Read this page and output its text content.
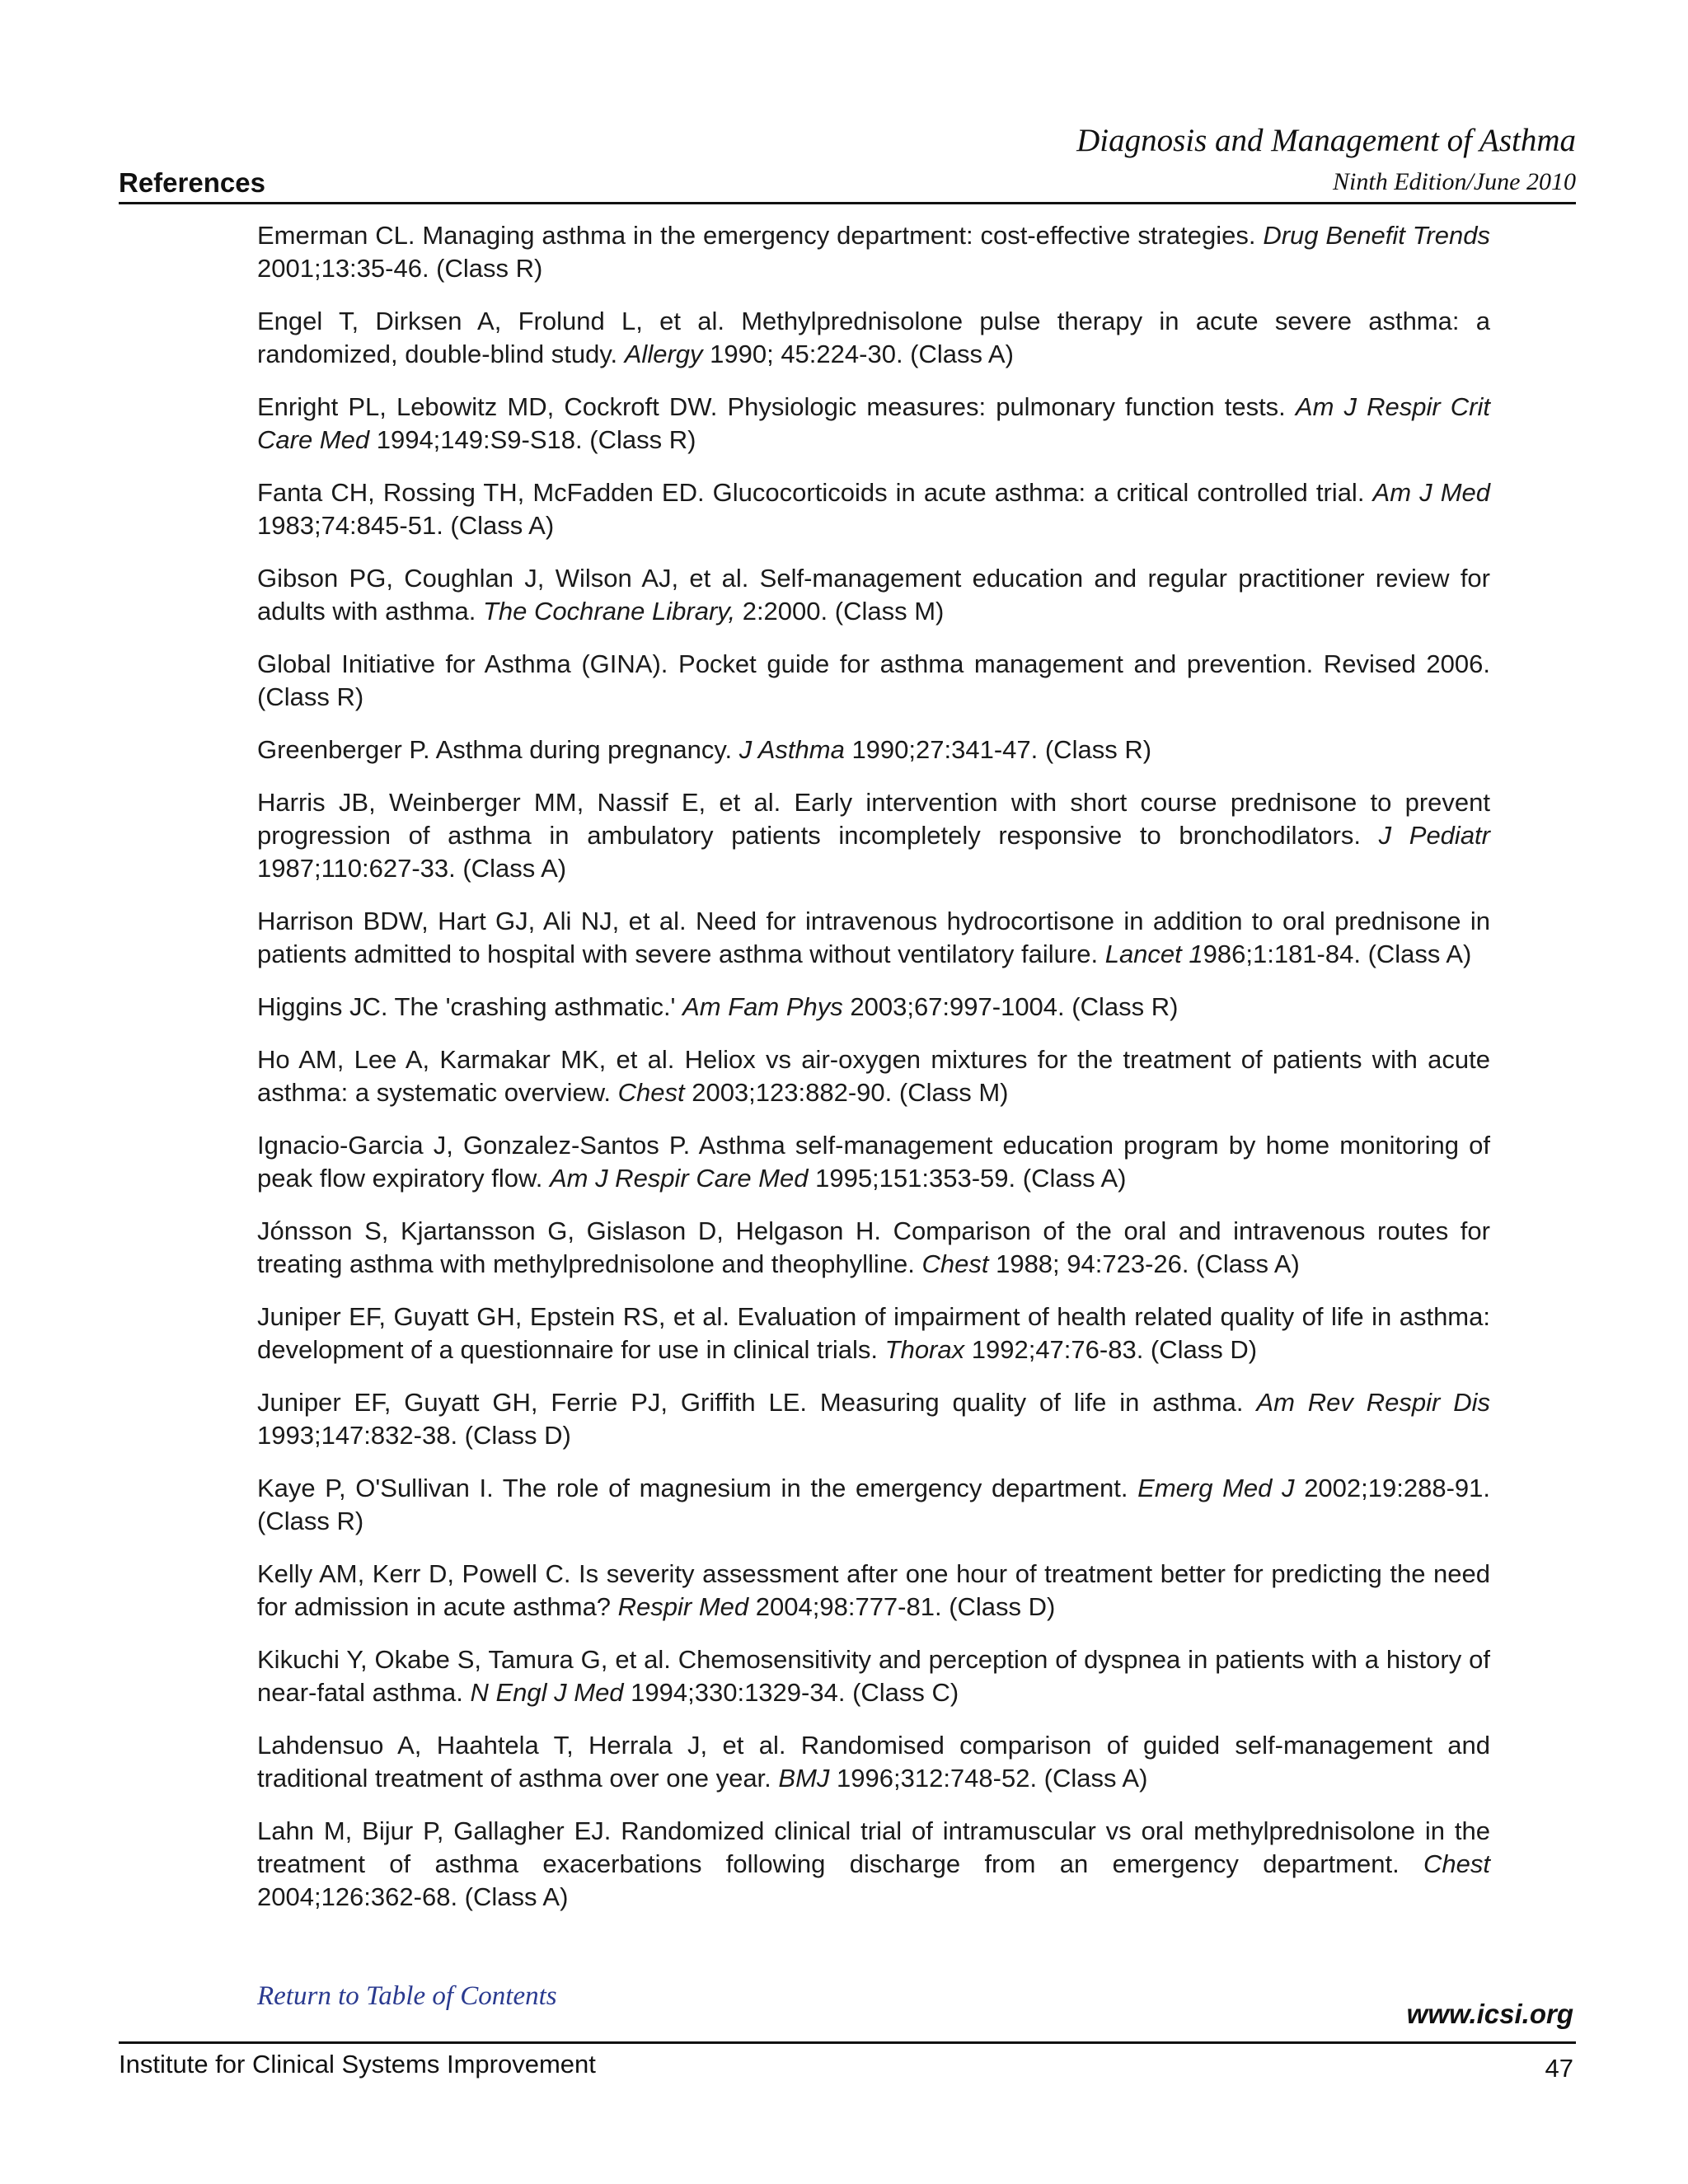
Diagnosis and Management of Asthma
Ninth Edition/June 2010
References

Emerman CL. Managing asthma in the emergency department: cost-effective strategies. Drug Benefit Trends 2001;13:35-46. (Class R)

Engel T, Dirksen A, Frolund L, et al. Methylprednisolone pulse therapy in acute severe asthma: a randomized, double-blind study. Allergy 1990; 45:224-30. (Class A)

Enright PL, Lebowitz MD, Cockroft DW. Physiologic measures: pulmonary function tests. Am J Respir Crit Care Med 1994;149:S9-S18. (Class R)

Fanta CH, Rossing TH, McFadden ED. Glucocorticoids in acute asthma: a critical controlled trial. Am J Med 1983;74:845-51. (Class A)

Gibson PG, Coughlan J, Wilson AJ, et al. Self-management education and regular practitioner review for adults with asthma. The Cochrane Library, 2:2000. (Class M)

Global Initiative for Asthma (GINA). Pocket guide for asthma management and prevention. Revised 2006. (Class R)

Greenberger P. Asthma during pregnancy. J Asthma 1990;27:341-47. (Class R)

Harris JB, Weinberger MM, Nassif E, et al. Early intervention with short course prednisone to prevent progression of asthma in ambulatory patients incompletely responsive to bronchodilators. J Pediatr 1987;110:627-33. (Class A)

Harrison BDW, Hart GJ, Ali NJ, et al. Need for intravenous hydrocortisone in addition to oral prednisone in patients admitted to hospital with severe asthma without ventilatory failure. Lancet 1986;1:181-84. (Class A)

Higgins JC. The 'crashing asthmatic.' Am Fam Phys 2003;67:997-1004. (Class R)

Ho AM, Lee A, Karmakar MK, et al. Heliox vs air-oxygen mixtures for the treatment of patients with acute asthma: a systematic overview. Chest 2003;123:882-90. (Class M)

Ignacio-Garcia J, Gonzalez-Santos P. Asthma self-management education program by home monitoring of peak flow expiratory flow. Am J Respir Care Med 1995;151:353-59. (Class A)

Jónsson S, Kjartansson G, Gislason D, Helgason H. Comparison of the oral and intravenous routes for treating asthma with methylprednisolone and theophylline. Chest 1988; 94:723-26. (Class A)

Juniper EF, Guyatt GH, Epstein RS, et al. Evaluation of impairment of health related quality of life in asthma: development of a questionnaire for use in clinical trials. Thorax 1992;47:76-83. (Class D)

Juniper EF, Guyatt GH, Ferrie PJ, Griffith LE. Measuring quality of life in asthma. Am Rev Respir Dis 1993;147:832-38. (Class D)

Kaye P, O'Sullivan I. The role of magnesium in the emergency department. Emerg Med J 2002;19:288-91. (Class R)

Kelly AM, Kerr D, Powell C. Is severity assessment after one hour of treatment better for predicting the need for admission in acute asthma? Respir Med 2004;98:777-81. (Class D)

Kikuchi Y, Okabe S, Tamura G, et al. Chemosensitivity and perception of dyspnea in patients with a history of near-fatal asthma. N Engl J Med 1994;330:1329-34. (Class C)

Lahdensuo A, Haahtela T, Herrala J, et al. Randomised comparison of guided self-management and traditional treatment of asthma over one year. BMJ 1996;312:748-52. (Class A)

Lahn M, Bijur P, Gallagher EJ. Randomized clinical trial of intramuscular vs oral methylprednisolone in the treatment of asthma exacerbations following discharge from an emergency department. Chest 2004;126:362-68. (Class A)

Return to Table of Contents
www.icsi.org
Institute for Clinical Systems Improvement	47
